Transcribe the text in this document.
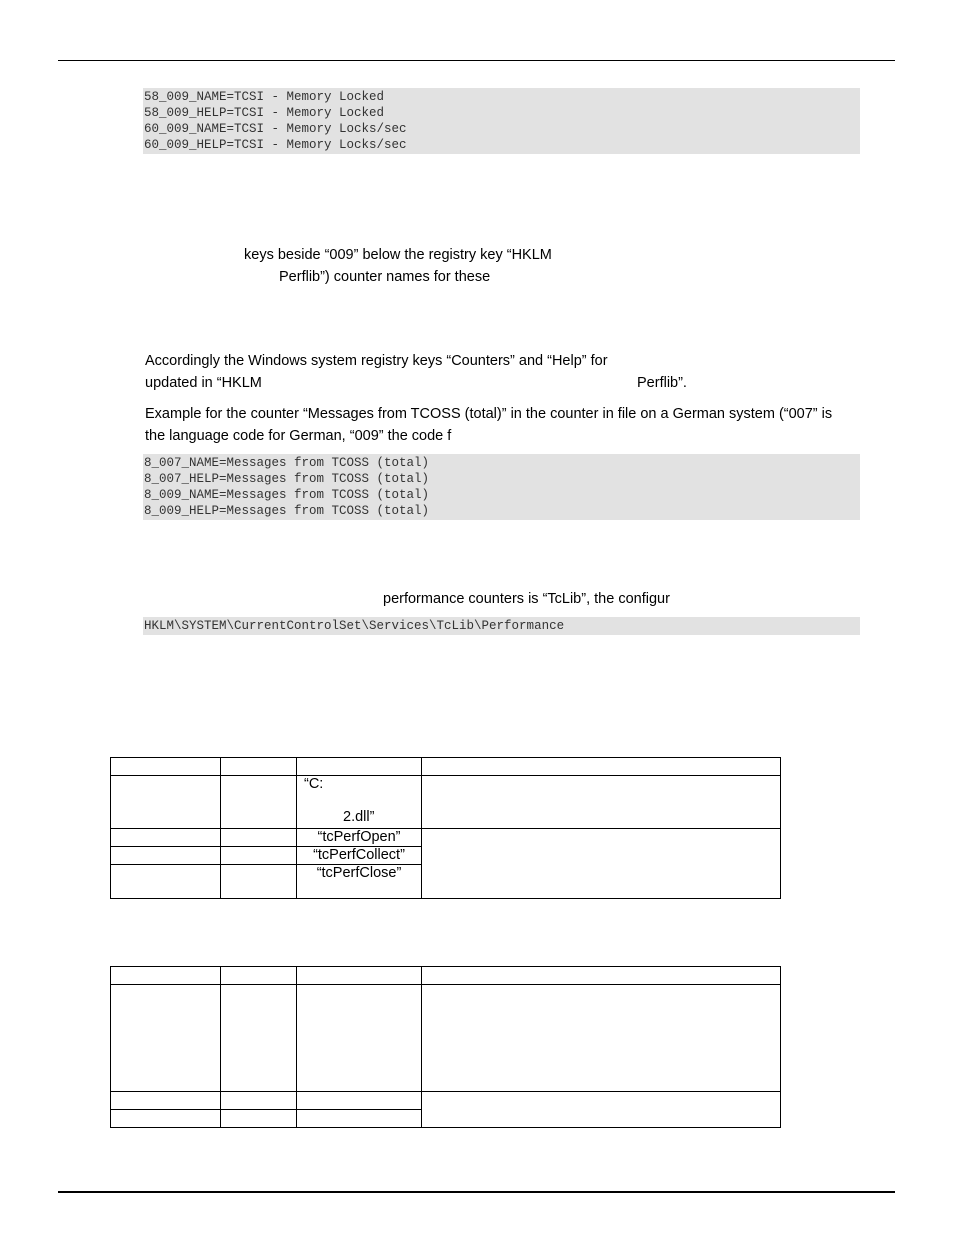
58_009_NAME=TCSI - Memory Locked
58_009_HELP=TCSI - Memory Locked
60_009_NAME=TCSI - Memory Locks/sec
60_009_HELP=TCSI - Memory Locks/sec
keys beside “009” below the registry key “HKLM
Perflib”) counter names for these
Accordingly the Windows system registry keys “Counters” and “Help” for
updated in “HKLM	Perflib”.
Example for the counter “Messages from TCOSS (total)” in the counter in file on a German system (“007” is
the language code for German, “009” the code f
8_007_NAME=Messages from TCOSS (total)
8_007_HELP=Messages from TCOSS (total)
8_009_NAME=Messages from TCOSS (total)
8_009_HELP=Messages from TCOSS (total)
performance counters is “TcLib”, the configur
HKLM\SYSTEM\CurrentControlSet\Services\TcLib\Performance

		“C:
2.dll”	

		“tcPerfOpen”	
		“tcPerfCollect”	
		“tcPerfClose”	
